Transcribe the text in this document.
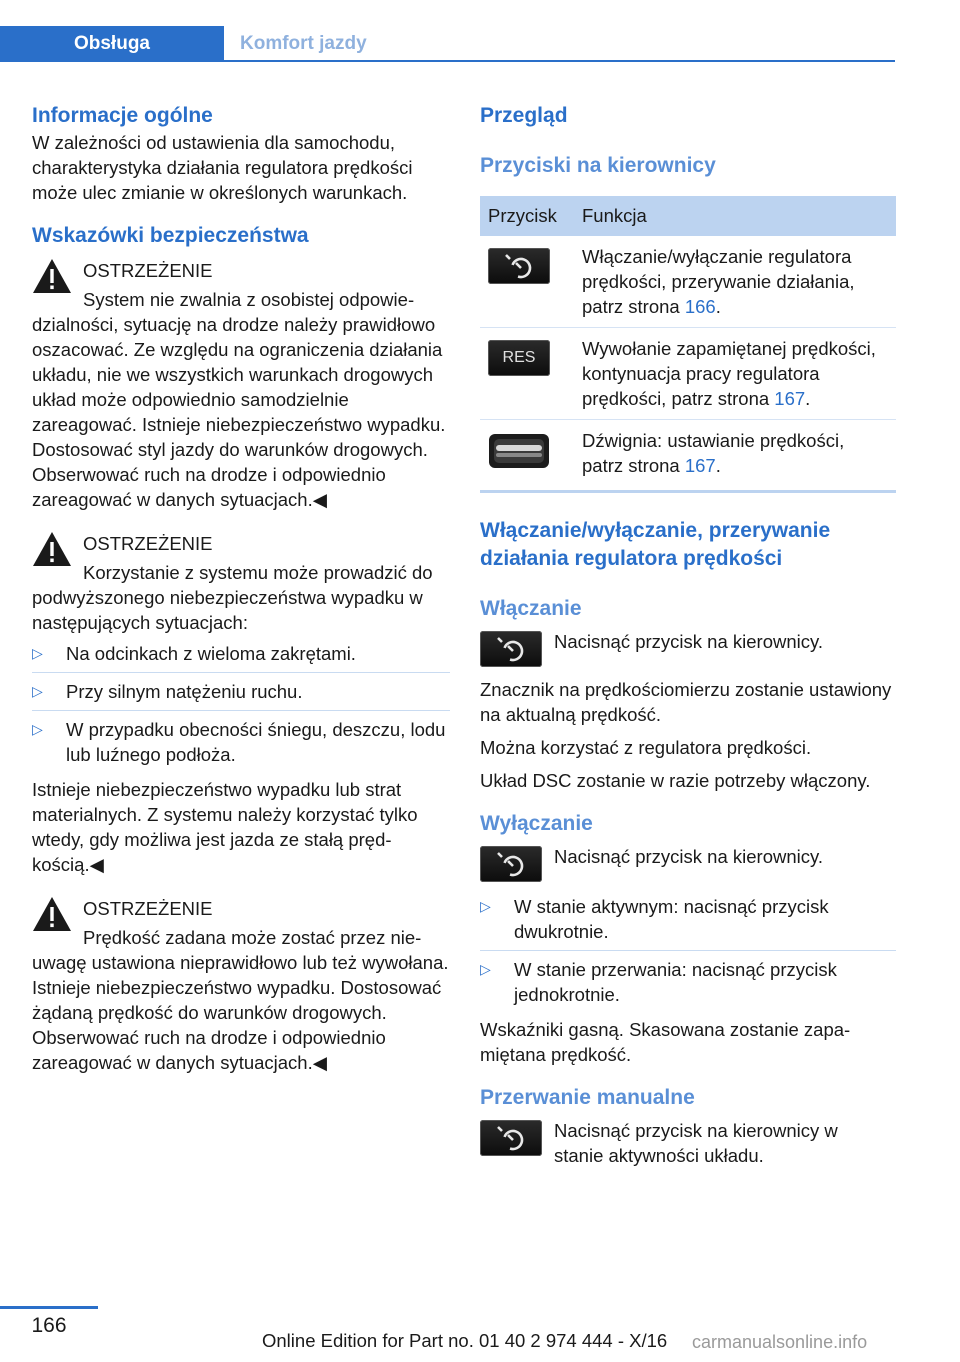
Obsługa	Komfort jazdy
Informacje ogólne

W zależności od ustawienia dla samochodu, charakterystyka działania regulatora prędkości może ulec zmianie w określonych warunkach.

Wskazówki bezpieczeństwa
OSTRZEŻENIE

System nie zwalnia z osobistej odpowiedzialności, sytuację na drodze należy prawidłowo oszacować. Ze względu na ograniczenia działania układu, nie we wszystkich warunkach drogowych układ może odpowiednio samodzielnie zareagować. Istnieje niebezpieczeństwo wypadku. Dostosować styl jazdy do warunków drogowych. Obserwować ruch na drodze i odpowiednio zareagować w danych sytuacjach.◀

OSTRZEŻENIE

Korzystanie z systemu może prowadzić do podwyższonego niebezpieczeństwa wypadku w następujących sytuacjach:

▷ Na odcinkach z wieloma zakrętami.
▷ Przy silnym natężeniu ruchu.
▷ W przypadku obecności śniegu, deszczu, lodu lub luźnego podłoża.

Istnieje niebezpieczeństwo wypadku lub strat materialnych. Z systemu należy korzystać tylko wtedy, gdy możliwa jest jazda ze stałą prędkością.◀

OSTRZEŻENIE

Prędkość zadana może zostać przez nieuwagę ustawiona nieprawidłowo lub też wywołana. Istnieje niebezpieczeństwo wypadku. Dostosować żądaną prędkość do warunków drogowych. Obserwować ruch na drodze i odpowiednio zareagować w danych sytuacjach.◀

Przegląd
Przyciski na kierownicy
Przycisk	Funkcja

	Włączanie/wyłączanie regulatora prędkości, przerywanie działania, patrz strona 166.

RES	Wywołanie zapamiętanej prędkości, kontynuacja pracy regulatora prędkości, patrz strona 167.

	Dźwignia: ustawianie prędkości, patrz strona 167.
Włączanie/wyłączanie, przerywanie działania regulatora prędkości
Włączanie

Nacisnąć przycisk na kierownicy.

Znacznik na prędkościomierzu zostanie ustawiony na aktualną prędkość.

Można korzystać z regulatora prędkości.

Układ DSC zostanie w razie potrzeby włączony.

Wyłączanie

Nacisnąć przycisk na kierownicy.

▷ W stanie aktywnym: nacisnąć przycisk dwukrotnie.
▷ W stanie przerwania: nacisnąć przycisk jednokrotnie.

Wskaźniki gasną. Skasowana zostanie zapamiętana prędkość.

Przerwanie manualne

Nacisnąć przycisk na kierownicy w stanie aktywności układu.

166
Online Edition for Part no. 01 40 2 974 444 - X/16 carmanualsonline.info
